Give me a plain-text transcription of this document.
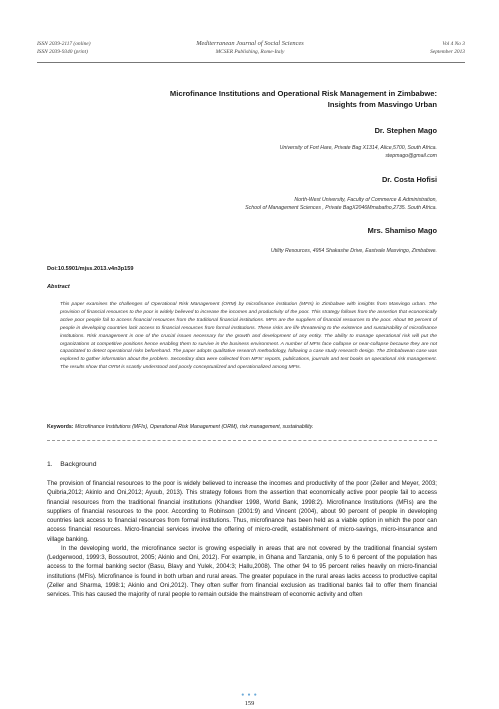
ISSN 2039-2117 (online)
ISSN 2039-9340 (print)
Mediterranean Journal of Social Sciences
MCSER Publishing, Rome-Italy
Vol 4 No 3
September 2013
Microfinance Institutions and Operational Risk Management in Zimbabwe:
Insights from Masvingo Urban
Dr. Stephen Mago
University of Fort Hare, Private Bag X1314, Alice,5700, South Africa.
stepmago@gmail.com
Dr. Costa Hofisi
North-West University, Faculty of Commerce & Administration,
School of Management Sciences , Private BagX2046Mmabatho,2735. South Africa.
Mrs. Shamiso Mago
Utility Resources, 4954 Shakashe Drive, Eastvale Masvingo, Zimbabwe.
Doi:10.5901/mjss.2013.v4n3p159
Abstract
This paper examines the challenges of Operational Risk Management (ORM) by microfinance institution (MFIs) in Zimbabwe with insights from Masvingo urban. The provision of financial resources to the poor is widely believed to increase the incomes and productivity of the poor. This strategy follows from the assertion that economically active poor people fail to access financial resources from the traditional financial institutions. MFIs are the suppliers of financial resources to the poor. About 90 percent of people in developing countries lack access to financial resources from formal institutions. These risks are life threatening to the existence and sustainability of microfinance institutions. Risk management is one of the crucial issues necessary for the growth and development of any entity. The ability to manage operational risk will put the organizations at competitive positions hence enabling them to survive in the business environment. A number of MFIs face collapse or near-collapse because they are not capacitated to detect operational risks beforehand. The paper adopts qualitative research methodology, following a case study research design. The Zimbabwean case was explored to gather information about the problem. Secondary data were collected from MFIs' reports, publications, journals and text books on operational risk management. The results show that ORM is scantly understood and poorly conceptualized and operationalized among MFIs.
Keywords: Microfinance Institutions (MFIs), Operational Risk Management (ORM), risk management, sustainability.
1.    Background

The provision of financial resources to the poor is widely believed to increase the incomes and productivity of the poor (Zeller and Meyer, 2003; Quibria,2012; Akinlo and Oni,2012; Ayuub, 2013). This strategy follows from the assertion that economically active poor people fail to access financial resources from the traditional financial institutions (Khandker 1998, World Bank, 1998:2). Microfinance Institutions (MFIs) are the suppliers of financial resources to the poor. According to Robinson (2001:9) and Vincent (2004), about 90 percent of people in developing countries lack access to financial resources from formal institutions. Thus, microfinance has been held as a viable option in which the poor can access financial resources. Micro-financial services involve the offering of micro-credit, establishment of micro-savings, micro-insurance and village banking.

In the developing world, the microfinance sector is growing especially in areas that are not covered by the traditional financial system (Ledgerwood, 1999:3, Bossoutrot, 2005; Akinlo and Oni, 2012). For example, in Ghana and Tanzania, only 5 to 6 percent of the population has access to the formal banking sector (Basu, Blavy and Yulek, 2004:3; Hallu,2008). The other 94 to 95 percent relies heavily on micro-financial institutions (MFIs). Microfinance is found in both urban and rural areas. The greater populace in the rural areas lacks access to productive capital (Zeller and Sharma, 1998:1; Akinlo and Oni,2012). They often suffer from financial exclusion as traditional banks fail to offer them financial services. This has caused the majority of rural people to remain outside the mainstream of economic activity and often

● ● ●
159
